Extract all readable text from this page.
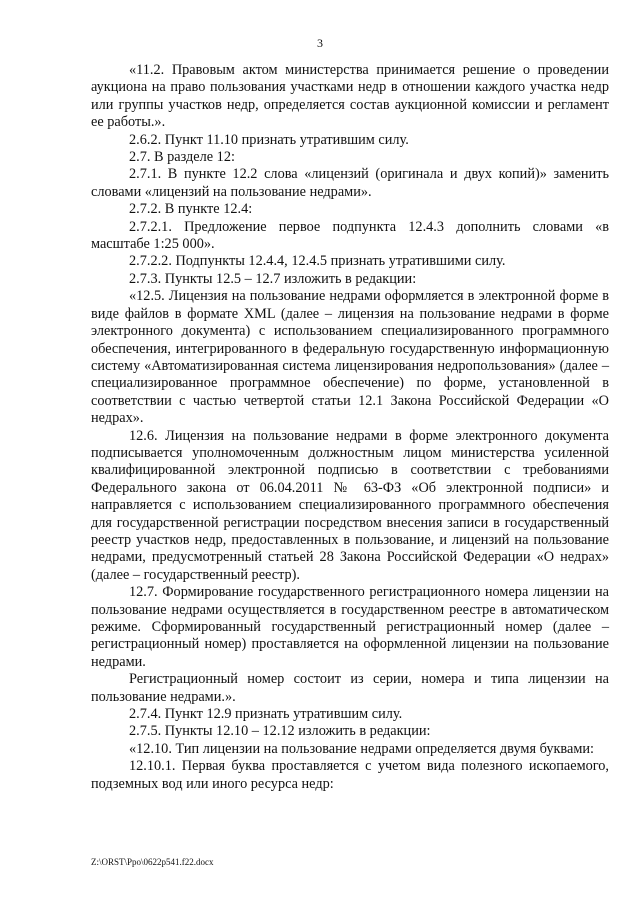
3

«11.2. Правовым актом министерства принимается решение о проведении аукциона на право пользования участками недр в отношении каждого участка недр или группы участков недр, определяется состав аукционной комиссии и регламент ее работы.».

2.6.2. Пункт 11.10 признать утратившим силу.

2.7. В разделе 12:

2.7.1. В пункте 12.2 слова «лицензий (оригинала и двух копий)» заменить словами «лицензий на пользование недрами».

2.7.2. В пункте 12.4:

2.7.2.1. Предложение первое подпункта 12.4.3 дополнить словами «в масштабе 1:25 000».

2.7.2.2. Подпункты 12.4.4, 12.4.5 признать утратившими силу.

2.7.3. Пункты 12.5 – 12.7 изложить в редакции:

«12.5. Лицензия на пользование недрами оформляется в электронной форме в виде файлов в формате XML (далее – лицензия на пользование недрами в форме электронного документа) с использованием специализированного программного обеспечения, интегрированного в федеральную государственную информационную систему «Автоматизированная система лицензирования недропользования» (далее – специализированное программное обеспечение) по форме, установленной в соответствии с частью четвертой статьи 12.1 Закона Российской Федерации «О недрах».

12.6. Лицензия на пользование недрами в форме электронного документа подписывается уполномоченным должностным лицом министерства усиленной квалифицированной электронной подписью в соответствии с требованиями Федерального закона от 06.04.2011 № 63-ФЗ «Об электронной подписи» и направляется с использованием специализированного программного обеспечения для государственной регистрации посредством внесения записи в государственный реестр участков недр, предоставленных в пользование, и лицензий на пользование недрами, предусмотренный статьей 28 Закона Российской Федерации «О недрах» (далее – государственный реестр).

12.7. Формирование государственного регистрационного номера лицензии на пользование недрами осуществляется в государственном реестре в автоматическом режиме. Сформированный государственный регистрационный номер (далее – регистрационный номер) проставляется на оформленной лицензии на пользование недрами.

Регистрационный номер состоит из серии, номера и типа лицензии на пользование недрами.».

2.7.4. Пункт 12.9 признать утратившим силу.

2.7.5. Пункты 12.10 – 12.12 изложить в редакции:

«12.10. Тип лицензии на пользование недрами определяется двумя буквами:

12.10.1. Первая буква проставляется с учетом вида полезного ископаемого, подземных вод или иного ресурса недр:

Z:\ORST\Ppo\0622p541.f22.docx
